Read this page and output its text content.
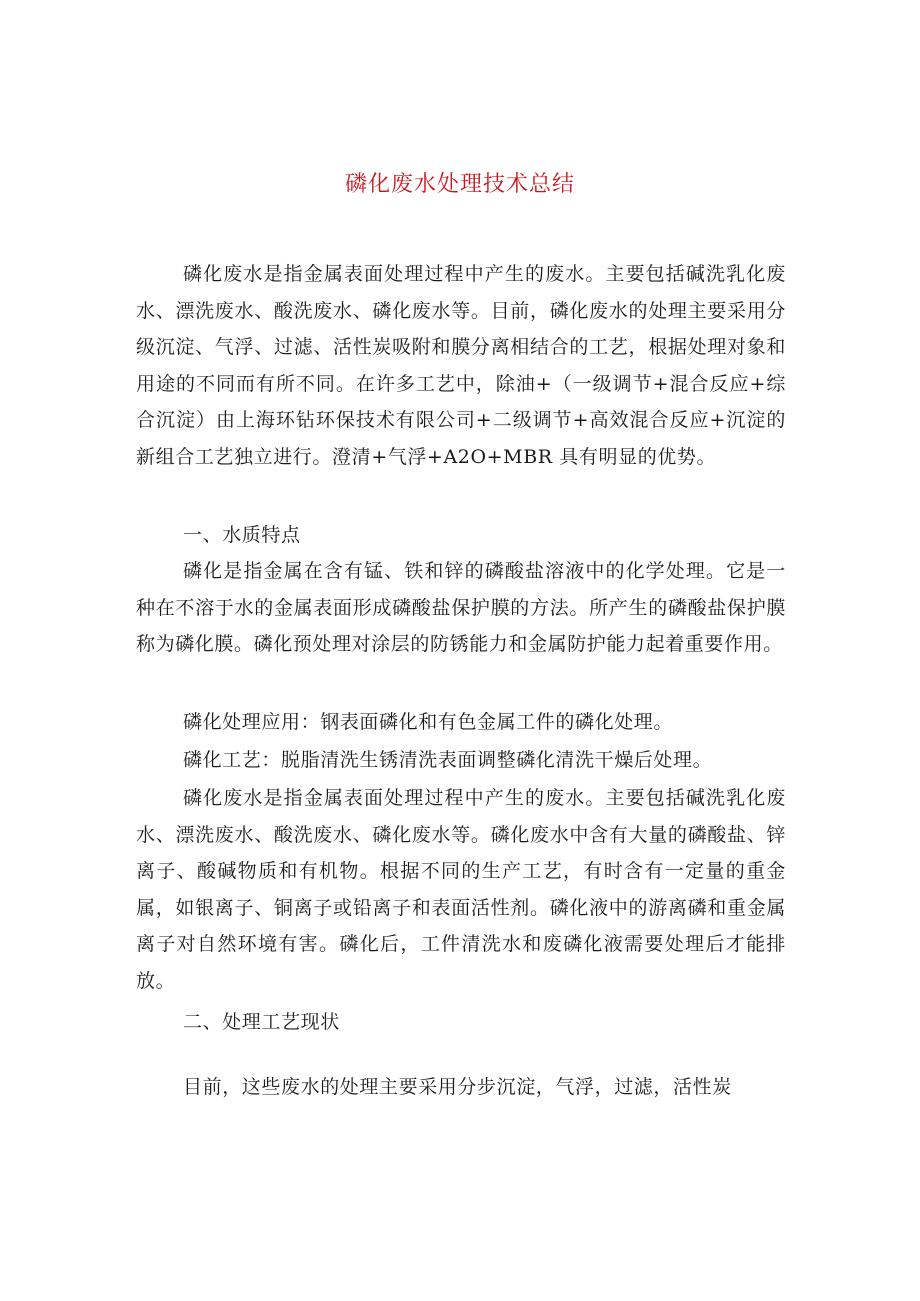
磷化废水处理技术总结

磷化废水是指金属表面处理过程中产生的废水。主要包括碱洗乳化废水、漂洗废水、酸洗废水、磷化废水等。目前，磷化废水的处理主要采用分级沉淀、气浮、过滤、活性炭吸附和膜分离相结合的工艺，根据处理对象和用途的不同而有所不同。在许多工艺中，除油+（一级调节+混合反应+综合沉淀）由上海环钻环保技术有限公司+二级调节+高效混合反应+沉淀的新组合工艺独立进行。澄清+气浮+A2O+MBR 具有明显的优势。

一、水质特点

磷化是指金属在含有锰、铁和锌的磷酸盐溶液中的化学处理。它是一种在不溶于水的金属表面形成磷酸盐保护膜的方法。所产生的磷酸盐保护膜称为磷化膜。磷化预处理对涂层的防锈能力和金属防护能力起着重要作用。

磷化处理应用：钢表面磷化和有色金属工件的磷化处理。

磷化工艺：脱脂清洗生锈清洗表面调整磷化清洗干燥后处理。

磷化废水是指金属表面处理过程中产生的废水。主要包括碱洗乳化废水、漂洗废水、酸洗废水、磷化废水等。磷化废水中含有大量的磷酸盐、锌离子、酸碱物质和有机物。根据不同的生产工艺，有时含有一定量的重金属，如银离子、铜离子或铅离子和表面活性剂。磷化液中的游离磷和重金属离子对自然环境有害。磷化后，工件清洗水和废磷化液需要处理后才能排放。

二、处理工艺现状

目前，这些废水的处理主要采用分步沉淀，气浮，过滤，活性炭
